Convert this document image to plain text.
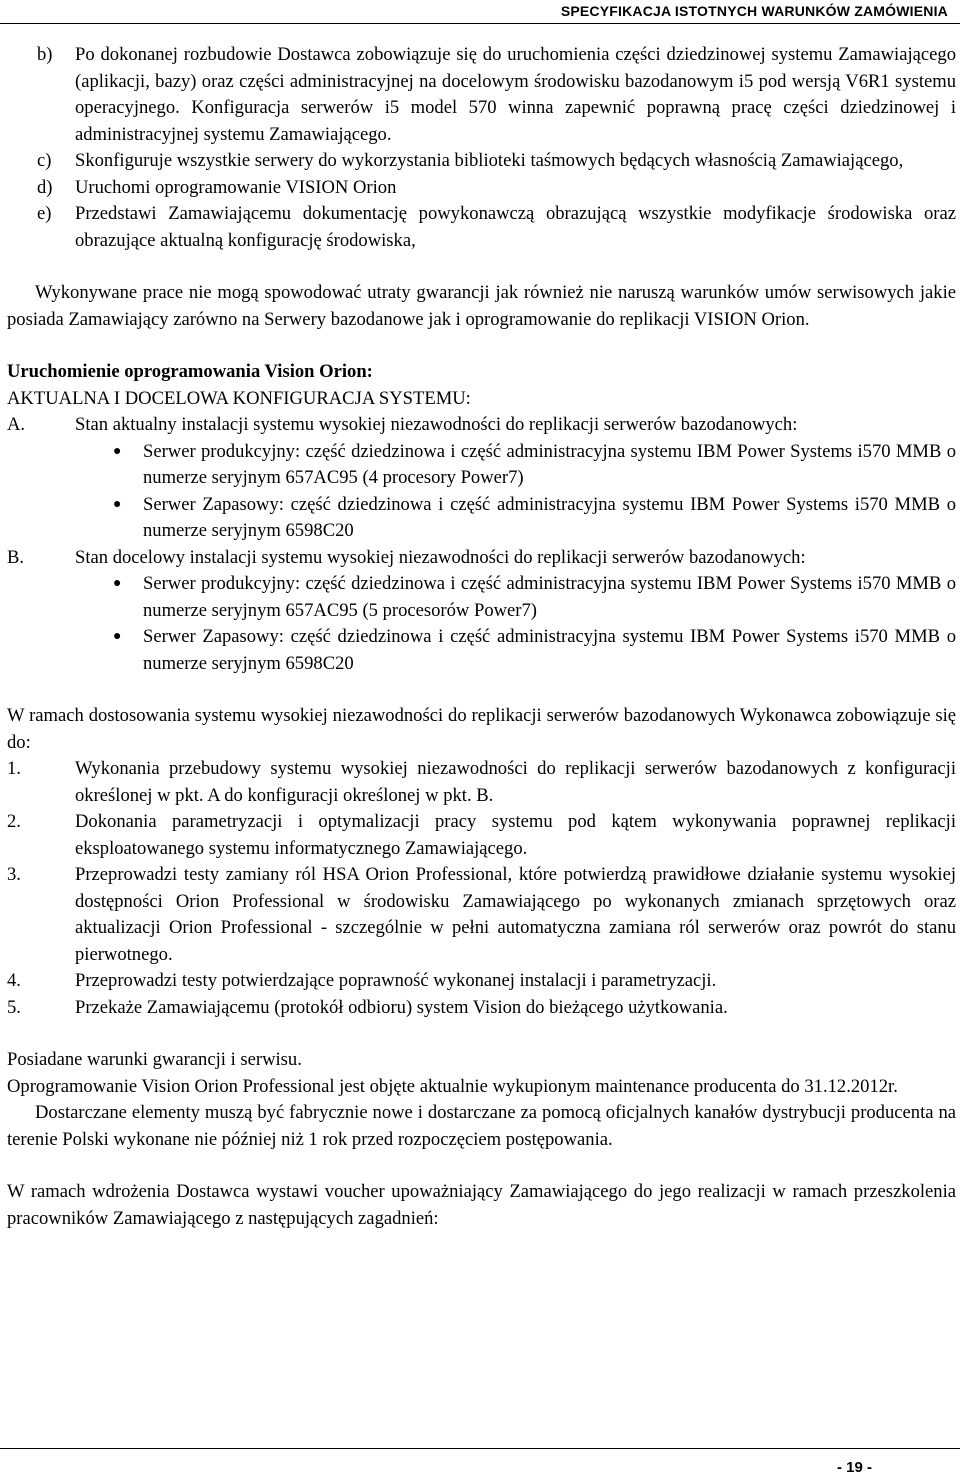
SPECYFIKACJA ISTOTNYCH WARUNKÓW ZAMÓWIENIA

b) Po dokonanej rozbudowie Dostawca zobowiązuje się do uruchomienia części dziedzinowej systemu Zamawiającego (aplikacji, bazy) oraz części administracyjnej na docelowym środowisku bazodanowym i5 pod wersją V6R1 systemu operacyjnego. Konfiguracja serwerów i5 model 570 winna zapewnić poprawną pracę części dziedzinowej i administracyjnej systemu Zamawiającego.

c) Skonfiguruje wszystkie serwery do wykorzystania biblioteki taśmowych będących własnością Zamawiającego,

d) Uruchomi oprogramowanie VISION Orion

e) Przedstawi Zamawiającemu dokumentację powykonawczą obrazującą wszystkie modyfikacje środowiska oraz obrazujące aktualną konfigurację środowiska,

Wykonywane prace nie mogą spowodować utraty gwarancji jak również nie naruszą warunków umów serwisowych jakie posiada Zamawiający zarówno na Serwery bazodanowe jak i oprogramowanie do replikacji VISION Orion.

Uruchomienie oprogramowania Vision Orion:

AKTUALNA I DOCELOWA KONFIGURACJA SYSTEMU:

A.	Stan aktualny instalacji systemu wysokiej niezawodności do replikacji serwerów bazodanowych:

●	Serwer produkcyjny: część dziedzinowa i część administracyjna systemu IBM Power Systems i570 MMB o numerze seryjnym 657AC95 (4 procesory Power7)

●	Serwer Zapasowy: część dziedzinowa i część administracyjna systemu IBM Power Systems i570 MMB o numerze seryjnym 6598C20

B.	Stan docelowy instalacji systemu wysokiej niezawodności do replikacji serwerów bazodanowych:

●	Serwer produkcyjny: część dziedzinowa i część administracyjna systemu IBM Power Systems i570 MMB o numerze seryjnym 657AC95 (5 procesorów Power7)

●	Serwer Zapasowy: część dziedzinowa i część administracyjna systemu IBM Power Systems i570 MMB o numerze seryjnym 6598C20

W ramach dostosowania systemu wysokiej niezawodności do replikacji serwerów bazodanowych Wykonawca zobowiązuje się do:

1.	Wykonania przebudowy systemu wysokiej niezawodności do replikacji serwerów bazodanowych z konfiguracji określonej w pkt. A do konfiguracji określonej w pkt. B.

2.	Dokonania parametryzacji i optymalizacji pracy systemu pod kątem wykonywania poprawnej replikacji eksploatowanego systemu informatycznego Zamawiającego.

3.	Przeprowadzi testy zamiany ról HSA Orion Professional, które potwierdzą prawidłowe działanie systemu wysokiej dostępności Orion Professional w środowisku Zamawiającego po wykonanych zmianach sprzętowych oraz aktualizacji Orion Professional - szczególnie w pełni automatyczna zamiana ról serwerów oraz powrót do stanu pierwotnego.

4.	Przeprowadzi testy potwierdzające poprawność wykonanej instalacji i parametryzacji.

5.	Przekaże Zamawiającemu (protokół odbioru) system Vision do bieżącego użytkowania.

Posiadane warunki gwarancji i serwisu.

Oprogramowanie Vision Orion Professional jest objęte aktualnie wykupionym maintenance producenta do 31.12.2012r.

Dostarczane elementy muszą być fabrycznie nowe i dostarczane za pomocą oficjalnych kanałów dystrybucji producenta na terenie Polski wykonane nie później niż 1 rok przed rozpoczęciem postępowania.

W ramach wdrożenia Dostawca wystawi voucher upoważniający Zamawiającego do jego realizacji w ramach przeszkolenia pracowników Zamawiającego z następujących zagadnień:

- 19 -
